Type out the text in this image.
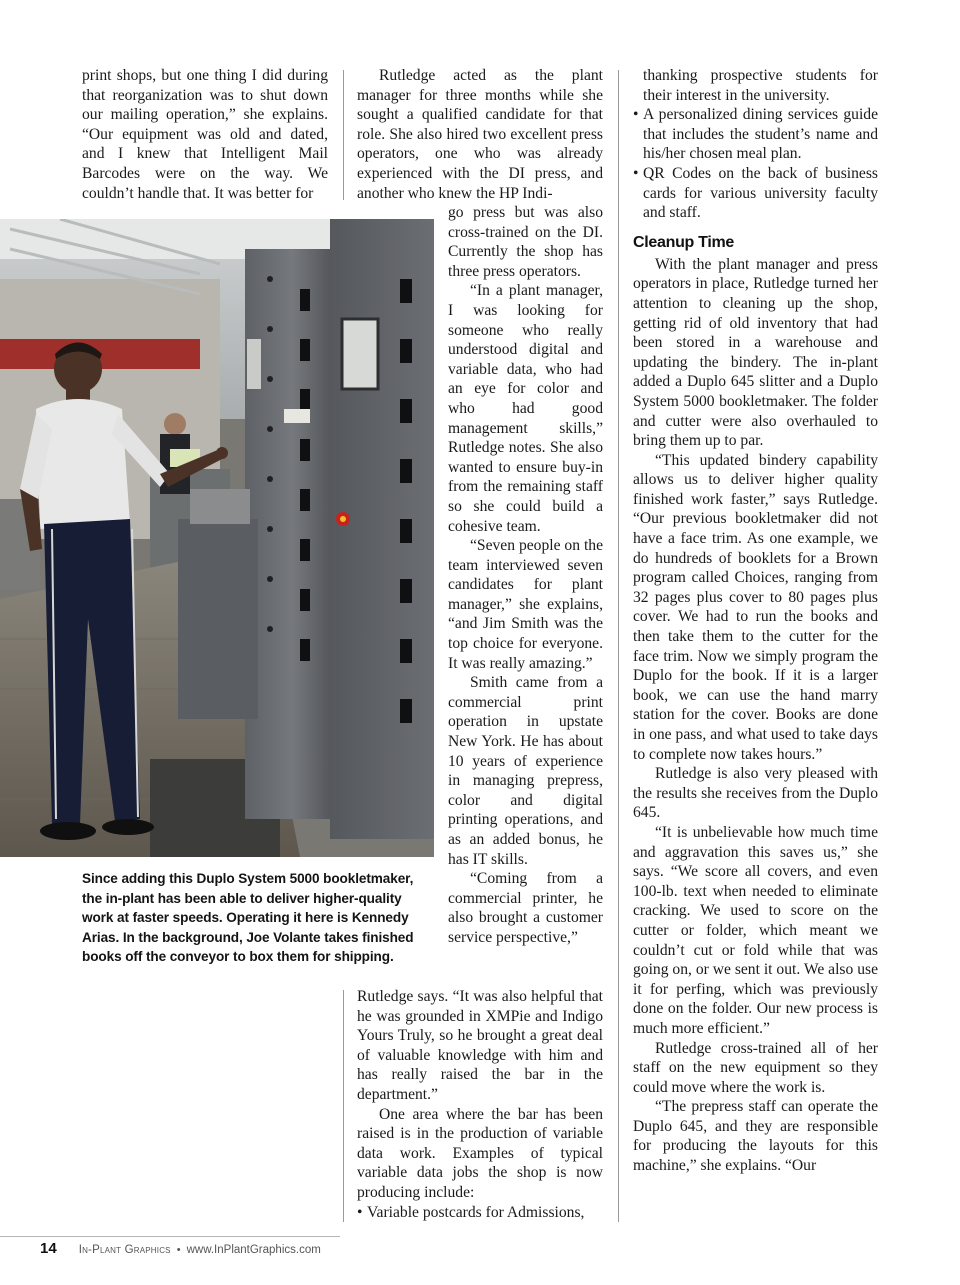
print shops, but one thing I did during that reorganization was to shut down our mailing operation,” she explains. “Our equipment was old and dated, and I knew that Intelligent Mail Barcodes were on the way. We couldn’t handle that. It was better for

Rutledge acted as the plant manager for three months while she sought a qualified candidate for that role. She also hired two excellent press operators, one who was already experienced with the DI press, and another who knew the HP Indi-

go press but was also cross-trained on the DI. Currently the shop has three press operators.

“In a plant manager, I was looking for someone who really understood digital and variable data, who had an eye for color and who had good management skills,” Rutledge notes. She also wanted to ensure buy-in from the remaining staff so she could build a cohesive team.

“Seven people on the team interviewed seven candidates for plant manager,” she explains, “and Jim Smith was the top choice for everyone. It was really amazing.”

Smith came from a commercial print operation in upstate New York. He has about 10 years of experience in managing prepress, color and digital printing operations, and as an added bonus, he has IT skills.

“Coming from a commercial printer, he also brought a customer service perspective,”

Rutledge says. “It was also helpful that he was grounded in XMPie and Indigo Yours Truly, so he brought a great deal of valuable knowledge with him and has really raised the bar in the department.”

One area where the bar has been raised is in the production of variable data work. Examples of typical variable data jobs the shop is now producing include:

• Variable postcards for Admissions,

thanking prospective students for their interest in the university.

• A personalized dining services guide that includes the student’s name and his/her chosen meal plan.
• QR Codes on the back of business cards for various university faculty and staff.
Cleanup Time

With the plant manager and press operators in place, Rutledge turned her attention to cleaning up the shop, getting rid of old inventory that had been stored in a warehouse and updating the bindery. The in-plant added a Duplo 645 slitter and a Duplo System 5000 bookletmaker. The folder and cutter were also overhauled to bring them up to par.

“This updated bindery capability allows us to deliver higher quality finished work faster,” says Rutledge. “Our previous bookletmaker did not have a face trim. As one example, we do hundreds of booklets for a Brown program called Choices, ranging from 32 pages plus cover to 80 pages plus cover. We had to run the books and then take them to the cutter for the face trim. Now we simply program the Duplo for the book. If it is a larger book, we can use the hand marry station for the cover. Books are done in one pass, and what used to take days to complete now takes hours.”

Rutledge is also very pleased with the results she receives from the Duplo 645.

“It is unbelievable how much time and aggravation this saves us,” she says. “We score all covers, and even 100-lb. text when needed to eliminate cracking. We used to score on the cutter or folder, which meant we couldn’t cut or fold while that was going on, or we sent it out. We also use it for perfing, which was previously done on the folder. Our new process is much more efficient.”

Rutledge cross-trained all of her staff on the new equipment so they could move where the work is.

“The prepress staff can operate the Duplo 645, and they are responsible for producing the layouts for this machine,” she explains. “Our

Since adding this Duplo System 5000 bookletmaker, the in-plant has been able to deliver higher-quality work at faster speeds. Operating it here is Kennedy Arias. In the background, Joe Volante takes finished books off the conveyor to box them for shipping.
14 In-Plant Graphics • www.InPlantGraphics.com
